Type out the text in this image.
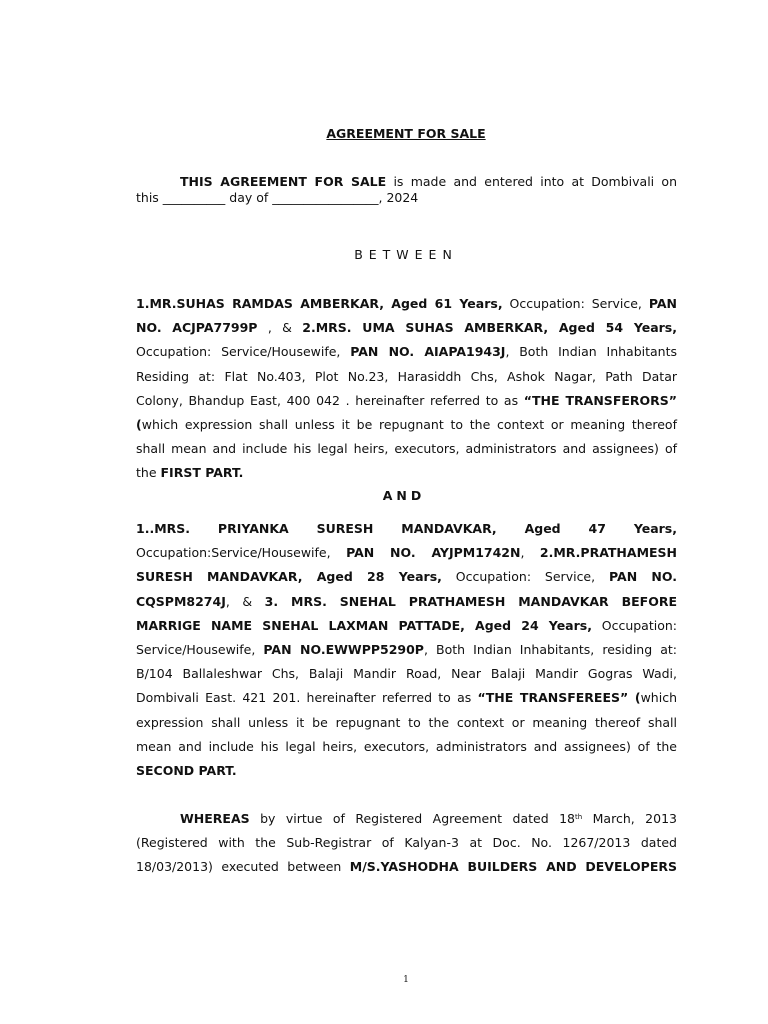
AGREEMENT FOR SALE
THIS AGREEMENT FOR SALE is made and entered into at Dombivali on
this __________ day of _________________, 2024
BETWEEN
1.MR.SUHAS RAMDAS AMBERKAR, Aged 61 Years, Occupation: Service, PAN
NO. ACJPA7799P , & 2.MRS. UMA SUHAS AMBERKAR, Aged 54 Years,
Occupation: Service/Housewife, PAN NO. AIAPA1943J, Both Indian Inhabitants
Residing at: Flat No.403, Plot No.23, Harasiddh Chs, Ashok Nagar, Path Datar
Colony, Bhandup East, 400 042 . hereinafter referred to as “THE TRANSFERORS”
(which expression shall unless it be repugnant to the context or meaning thereof
shall mean and include his legal heirs, executors, administrators and assignees) of
the FIRST PART.
AND
1..MRS. PRIYANKA SURESH MANDAVKAR, Aged 47 Years,
Occupation:Service/Housewife, PAN NO. AYJPM1742N, 2.MR.PRATHAMESH
SURESH MANDAVKAR, Aged 28 Years, Occupation: Service, PAN NO.
CQSPM8274J, & 3. MRS. SNEHAL PRATHAMESH MANDAVKAR BEFORE
MARRIGE NAME SNEHAL LAXMAN PATTADE, Aged 24 Years, Occupation:
Service/Housewife, PAN NO.EWWPP5290P, Both Indian Inhabitants, residing at:
B/104 Ballaleshwar Chs, Balaji Mandir Road, Near Balaji Mandir Gogras Wadi,
Dombivali East. 421 201. hereinafter referred to as “THE TRANSFEREES” (which
expression shall unless it be repugnant to the context or meaning thereof shall
mean and include his legal heirs, executors, administrators and assignees) of the
SECOND PART.
WHEREAS by virtue of Registered Agreement dated 18th March, 2013
(Registered with the Sub-Registrar of Kalyan-3 at Doc. No. 1267/2013 dated
18/03/2013) executed between M/S.YASHODHA BUILDERS AND DEVELOPERS
1
